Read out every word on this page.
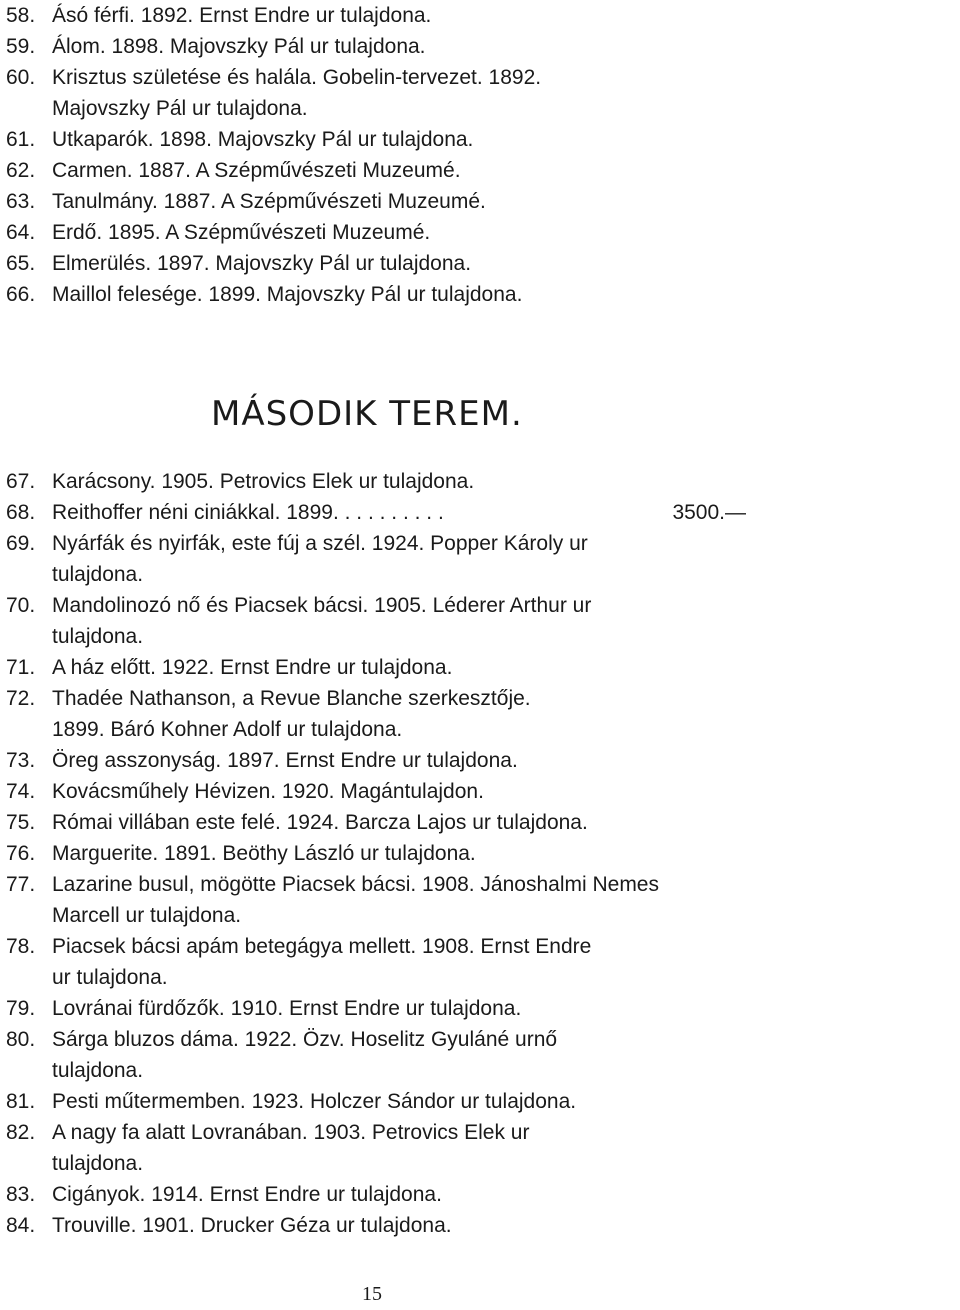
58. Ásó férfi. 1892. Ernst Endre ur tulajdona.
59. Álom. 1898. Majovszky Pál ur tulajdona.
60. Krisztus születése és halála. Gobelin-tervezet. 1892.
Majovszky Pál ur tulajdona.
61. Utkaparók. 1898. Majovszky Pál ur tulajdona.
62. Carmen. 1887. A Szépművészeti Muzeumé.
63. Tanulmány. 1887. A Szépművészeti Muzeumé.
64. Erdő. 1895. A Szépművészeti Muzeumé.
65. Elmerülés. 1897. Majovszky Pál ur tulajdona.
66. Maillol felesége. 1899. Majovszky Pál ur tulajdona.
MÁSODIK TEREM.
67. Karácsony. 1905. Petrovics Elek ur tulajdona.
68. Reithoffer néni ciniákkal. 1899. . . . . . . . . .	3500.—
69. Nyárfák és nyirfák, este fúj a szél. 1924. Popper Károly ur
tulajdona.
70. Mandolinozó nő és Piacsek bácsi. 1905. Léderer Arthur ur
tulajdona.
71. A ház előtt. 1922. Ernst Endre ur tulajdona.
72. Thadée Nathanson, a Revue Blanche szerkesztője.
1899. Báró Kohner Adolf ur tulajdona.
73. Öreg asszonyság. 1897. Ernst Endre ur tulajdona.
74. Kovácsműhely Hévizen. 1920. Magántulajdon.
75. Római villában este felé. 1924. Barcza Lajos ur tulajdona.
76. Marguerite. 1891. Beöthy László ur tulajdona.
77. Lazarine busul, mögötte Piacsek bácsi. 1908. Jánoshalmi Nemes
Marcell ur tulajdona.
78. Piacsek bácsi apám betegágya mellett. 1908. Ernst Endre
ur tulajdona.
79. Lovránai fürdőzők. 1910. Ernst Endre ur tulajdona.
80. Sárga bluzos dáma. 1922. Özv. Hoselitz Gyuláné urnő
tulajdona.
81. Pesti műtermemben. 1923. Holczer Sándor ur tulajdona.
82. A nagy fa alatt Lovranában. 1903. Petrovics Elek ur
tulajdona.
83. Cigányok. 1914. Ernst Endre ur tulajdona.
84. Trouville. 1901. Drucker Géza ur tulajdona.
15
